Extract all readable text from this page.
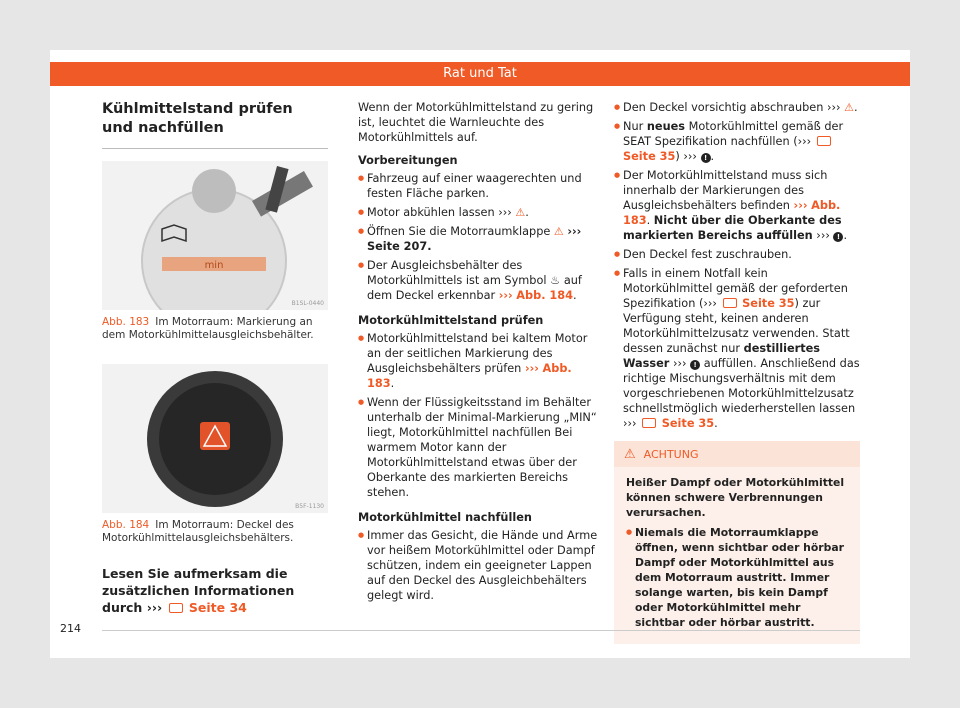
Rat und Tat
Kühlmittelstand prüfen und nachfüllen
min
B1SL-0440
Abb. 183 Im Motorraum: Markierung an dem Motorkühlmittelausgleichsbehälter.
B5F-1130
Abb. 184 Im Motorraum: Deckel des Motorkühlmittelausgleichsbehälters.
Lesen Sie aufmerksam die zusätzlichen Informationen durch ››› Seite 34

Wenn der Motorkühlmittelstand zu gering ist, leuchtet die Warnleuchte des Motorkühlmittels auf.

Vorbereitungen
● Fahrzeug auf einer waagerechten und festen Fläche parken.
● Motor abkühlen lassen ››› ⚠.
● Öffnen Sie die Motorraumklappe ⚠ ››› Seite 207.
● Der Ausgleichsbehälter des Motorkühlmittels ist am Symbol ♨ auf dem Deckel erkennbar ››› Abb. 184.
Motorkühlmittelstand prüfen
● Motorkühlmittelstand bei kaltem Motor an der seitlichen Markierung des Ausgleichsbehälters prüfen ››› Abb. 183.
● Wenn der Flüssigkeitsstand im Behälter unterhalb der Minimal-Markierung „MIN“ liegt, Motorkühlmittel nachfüllen Bei warmem Motor kann der Motorkühlmittelstand etwas über der Oberkante des markierten Bereichs stehen.
Motorkühlmittel nachfüllen
● Immer das Gesicht, die Hände und Arme vor heißem Motorkühlmittel oder Dampf schützen, indem ein geeigneter Lappen auf den Deckel des Ausgleichbehälters gelegt wird.
● Den Deckel vorsichtig abschrauben ››› ⚠.
● Nur neues Motorkühlmittel gemäß der SEAT Spezifikation nachfüllen (›››  Seite 35) ››› ! .
● Der Motorkühlmittelstand muss sich innerhalb der Markierungen des Ausgleichsbehälters befinden ››› Abb. 183. Nicht über die Oberkante des markierten Bereichs auffüllen ››› ! .
● Den Deckel fest zuschrauben.
● Falls in einem Notfall kein Motorkühlmittel gemäß der geforderten Spezifikation (››› Seite 35) zur Verfügung steht, keinen anderen Motorkühlmittelzusatz verwenden. Statt dessen zunächst nur destilliertes Wasser ››› ! auffüllen. Anschließend das richtige Mischungsverhältnis mit dem vorgeschriebenen Motorkühlmittelzusatz schnellstmöglich wiederherstellen lassen ››› Seite 35.
⚠ ACHTUNG
Heißer Dampf oder Motorkühlmittel können schwere Verbrennungen verursachen.
● Niemals die Motorraumklappe öffnen, wenn sichtbar oder hörbar Dampf oder Motorkühlmittel aus dem Motorraum austritt. Immer solange warten, bis kein Dampf oder Motorkühlmittel mehr sichtbar oder hörbar austritt.
214
